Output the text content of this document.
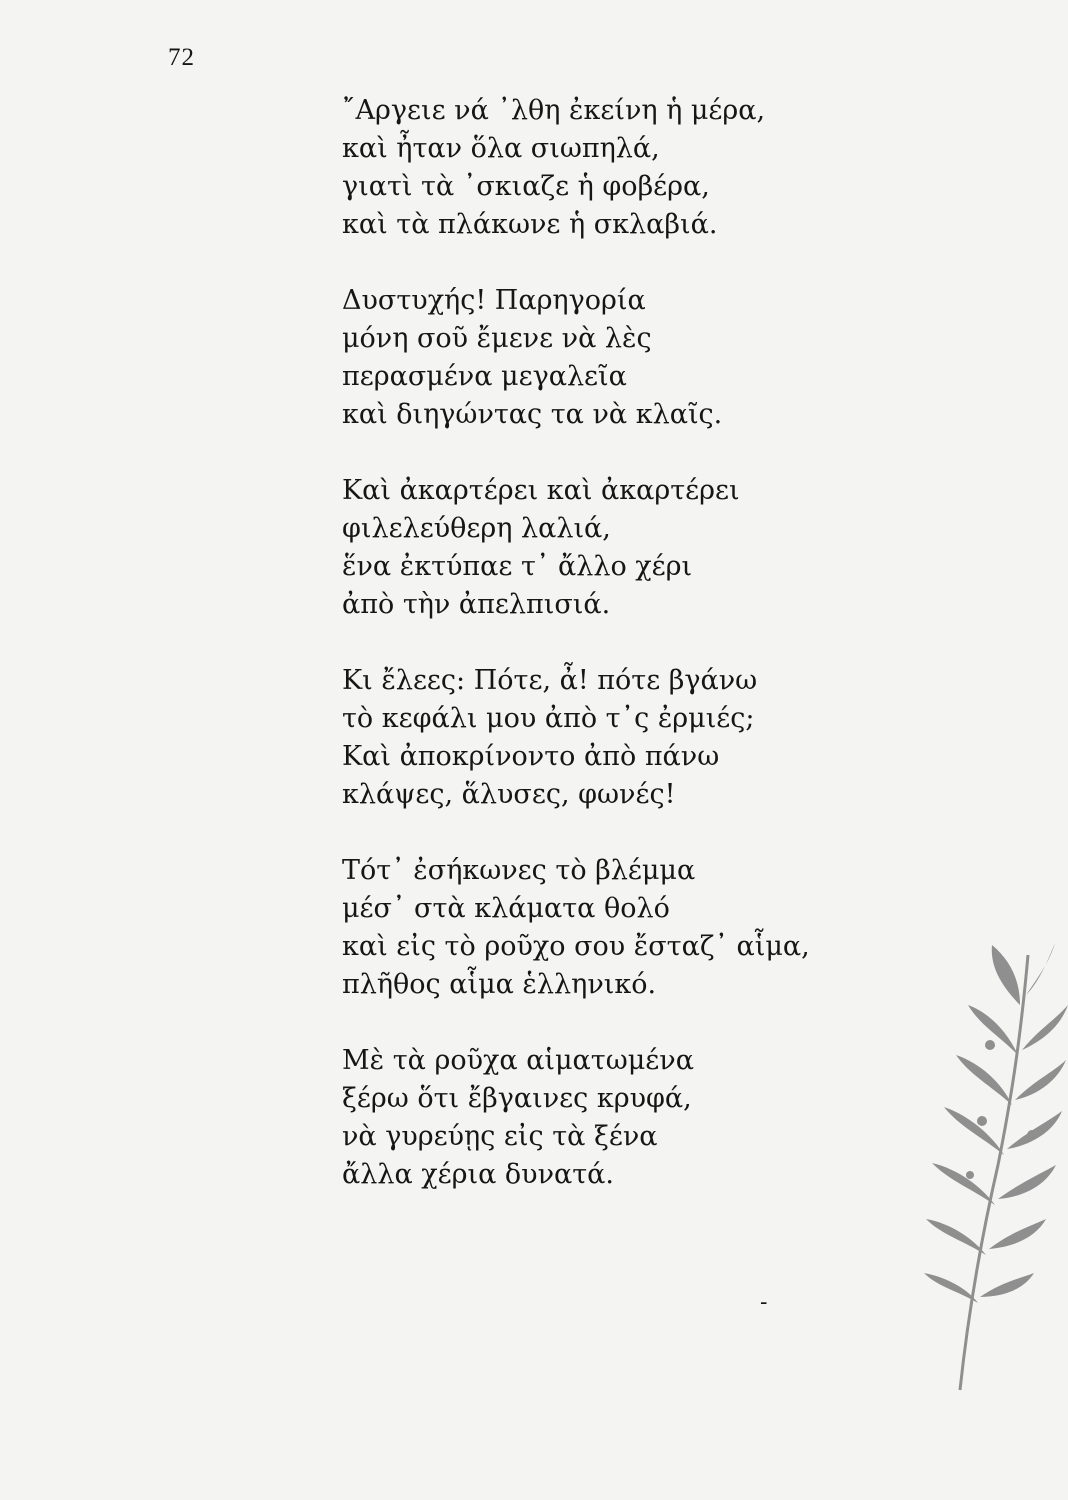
72
῎Αργειε νά ᾿λθη ἐκείνη ἡ μέρα,
καὶ ἦταν ὅλα σιωπηλά,
γιατὶ τὰ ᾿σκιαζε ἡ φοβέρα,
καὶ τὰ πλάκωνε ἡ σκλαβιά.
Δυστυχής! Παρηγορία
μόνη σοῦ ἔμενε νὰ λὲς
περασμένα μεγαλεῖα
καὶ διηγώντας τα νὰ κλαῖς.
Καὶ ἀκαρτέρει καὶ ἀκαρτέρει
φιλελεύθερη λαλιά,
ἕνα ἐκτύπαε τ᾿ ἄλλο χέρι
ἀπὸ τὴν ἀπελπισιά.
Κι ἔλεες: Πότε, ἆ! πότε βγάνω
τὸ κεφάλι μου ἀπὸ τ᾿ς ἐρμιές;
Καὶ ἀποκρίνοντο ἀπὸ πάνω
κλάψες, ἅλυσες, φωνές!
Τότ᾿ ἐσήκωνες τὸ βλέμμα
μέσ᾿ στὰ κλάματα θολό
καὶ εἰς τὸ ροῦχο σου ἔσταζ᾿ αἷμα,
πλῆθος αἷμα ἑλληνικό.
Μὲ τὰ ροῦχα αἱματωμένα
ξέρω ὅτι ἔβγαινες κρυφά,
νὰ γυρεύῃς εἰς τὰ ξένα
ἄλλα χέρια δυνατά.
-
